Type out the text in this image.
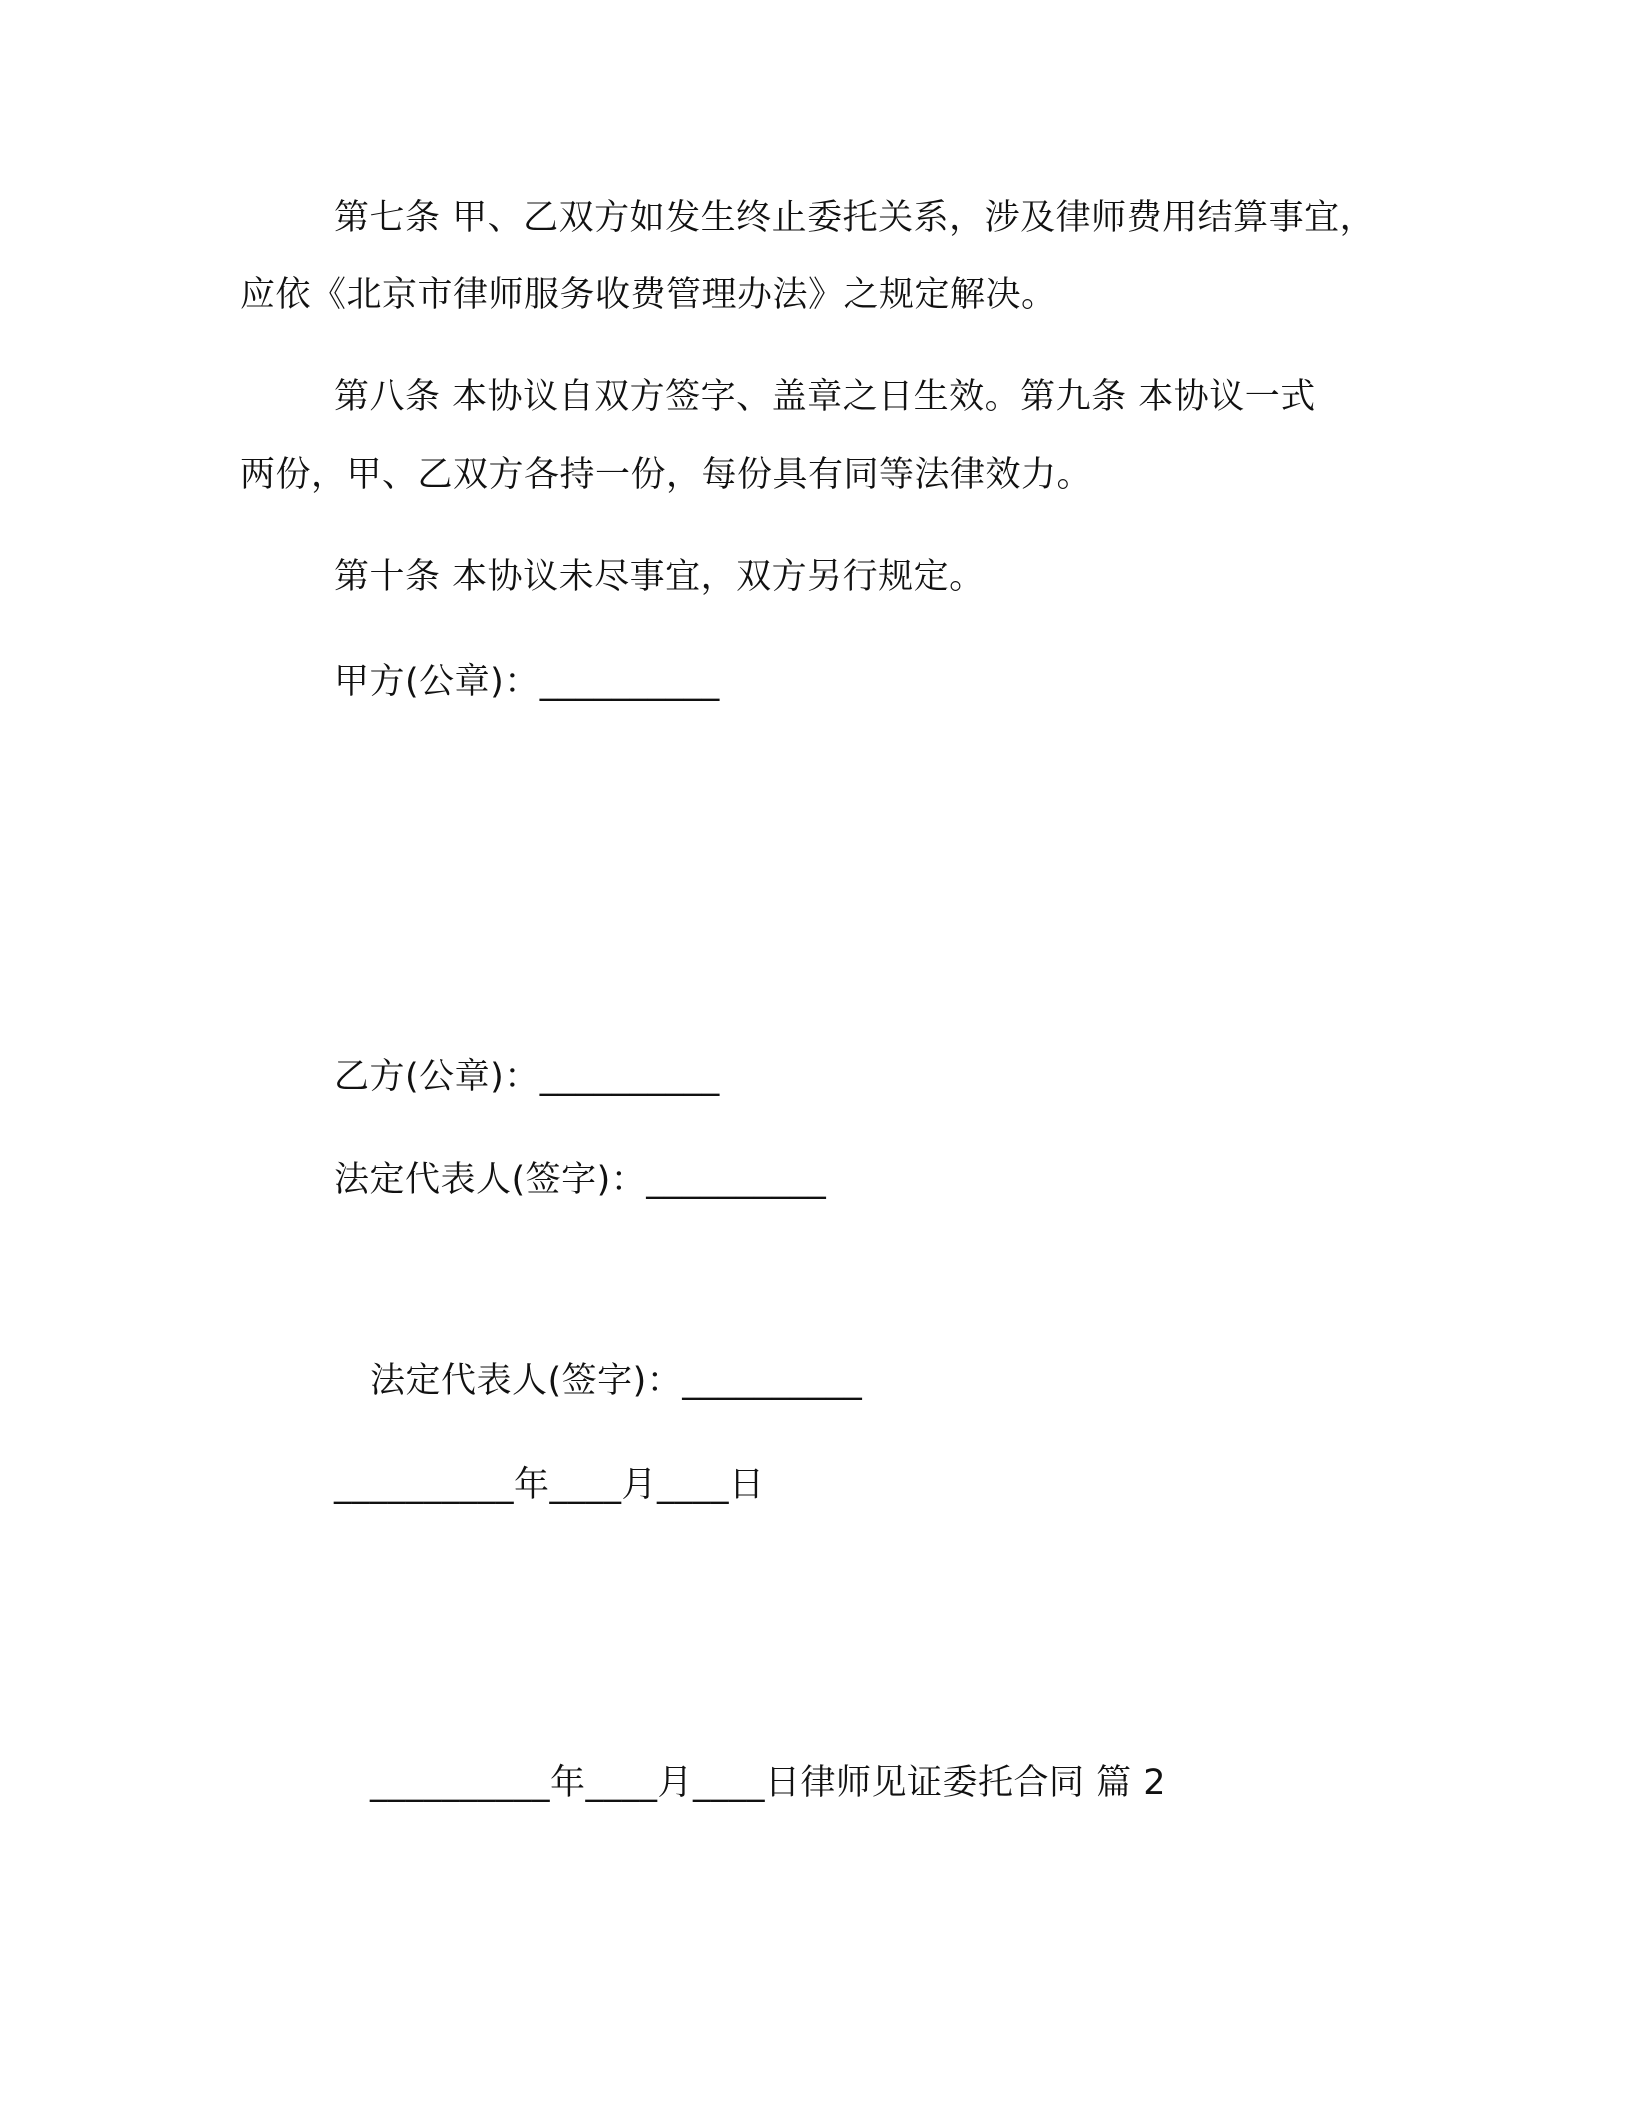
第七条 甲、乙双方如发生终止委托关系，涉及律师费用结算事宜，

应依《北京市律师服务收费管理办法》之规定解决。

第八条 本协议自双方签字、盖章之日生效。第九条 本协议一式

两份，甲、乙双方各持一份，每份具有同等法律效力。

第十条 本协议未尽事宜，双方另行规定。

甲方(公章)：__________

乙方(公章)：__________

法定代表人(签字)：__________

法定代表人(签字)：__________

__________年____月____日

__________年____月____日律师见证委托合同 篇 2
